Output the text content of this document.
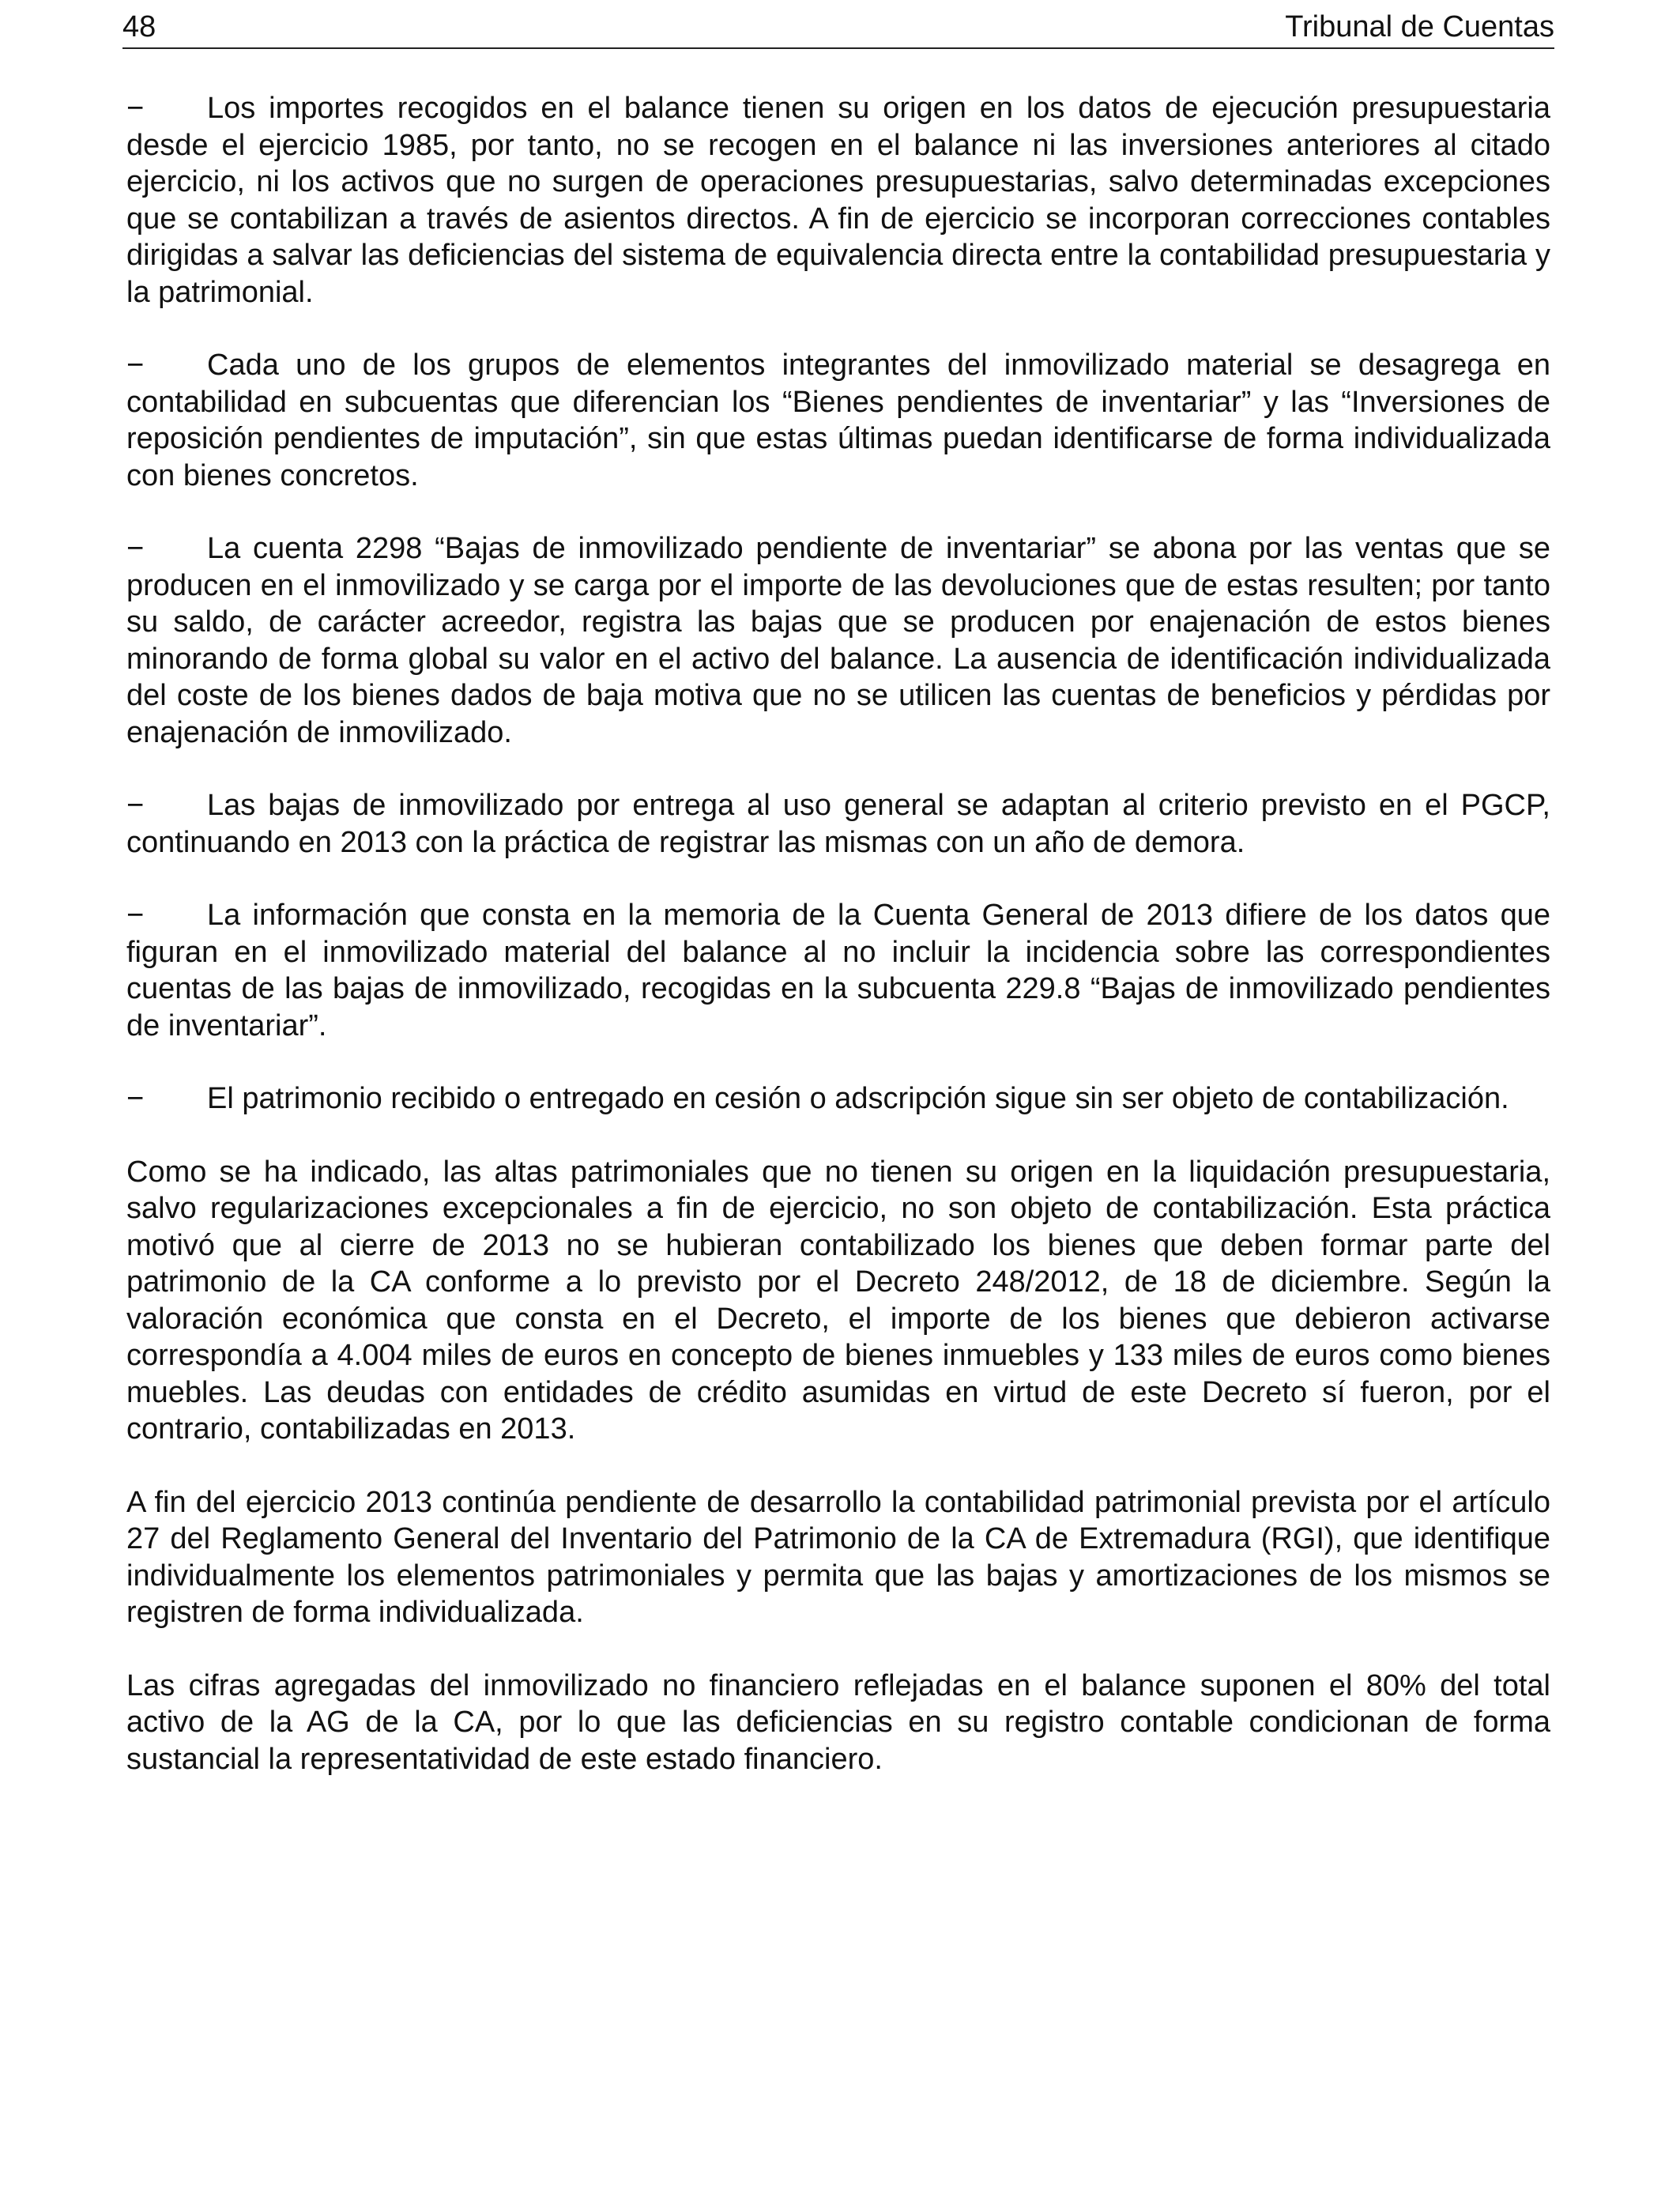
48	Tribunal de Cuentas

− Los importes recogidos en el balance tienen su origen en los datos de ejecución presupuestaria desde el ejercicio 1985, por tanto, no se recogen en el balance ni las inversiones anteriores al citado ejercicio, ni los activos que no surgen de operaciones presupuestarias, salvo determinadas excepciones que se contabilizan a través de asientos directos. A fin de ejercicio se incorporan correcciones contables dirigidas a salvar las deficiencias del sistema de equivalencia directa entre la contabilidad presupuestaria y la patrimonial.

− Cada uno de los grupos de elementos integrantes del inmovilizado material se desagrega en contabilidad en subcuentas que diferencian los “Bienes pendientes de inventariar” y las “Inversiones de reposición pendientes de imputación”, sin que estas últimas puedan identificarse de forma individualizada con bienes concretos.

− La cuenta 2298 “Bajas de inmovilizado pendiente de inventariar” se abona por las ventas que se producen en el inmovilizado y se carga por el importe de las devoluciones que de estas resulten; por tanto su saldo, de carácter acreedor, registra las bajas que se producen por enajenación de estos bienes minorando de forma global su valor en el activo del balance. La ausencia de identificación individualizada del coste de los bienes dados de baja motiva que no se utilicen las cuentas de beneficios y pérdidas por enajenación de inmovilizado.

− Las bajas de inmovilizado por entrega al uso general se adaptan al criterio previsto en el PGCP, continuando en 2013 con la práctica de registrar las mismas con un año de demora.

− La información que consta en la memoria de la Cuenta General de 2013 difiere de los datos que figuran en el inmovilizado material del balance al no incluir la incidencia sobre las correspondientes cuentas de las bajas de inmovilizado, recogidas en la subcuenta 229.8 “Bajas de inmovilizado pendientes de inventariar”.

− El patrimonio recibido o entregado en cesión o adscripción sigue sin ser objeto de contabilización.

Como se ha indicado, las altas patrimoniales que no tienen su origen en la liquidación presupuestaria, salvo regularizaciones excepcionales a fin de ejercicio, no son objeto de contabilización. Esta práctica motivó que al cierre de 2013 no se hubieran contabilizado los bienes que deben formar parte del patrimonio de la CA conforme a lo previsto por el Decreto 248/2012, de 18 de diciembre. Según la valoración económica que consta en el Decreto, el importe de los bienes que debieron activarse correspondía a 4.004 miles de euros en concepto de bienes inmuebles y 133 miles de euros como bienes muebles. Las deudas con entidades de crédito asumidas en virtud de este Decreto sí fueron, por el contrario, contabilizadas en 2013.

A fin del ejercicio 2013 continúa pendiente de desarrollo la contabilidad patrimonial prevista por el artículo 27 del Reglamento General del Inventario del Patrimonio de la CA de Extremadura (RGI), que identifique individualmente los elementos patrimoniales y permita que las bajas y amortizaciones de los mismos se registren de forma individualizada.

Las cifras agregadas del inmovilizado no financiero reflejadas en el balance suponen el 80% del total activo de la AG de la CA, por lo que las deficiencias en su registro contable condicionan de forma sustancial la representatividad de este estado financiero.
